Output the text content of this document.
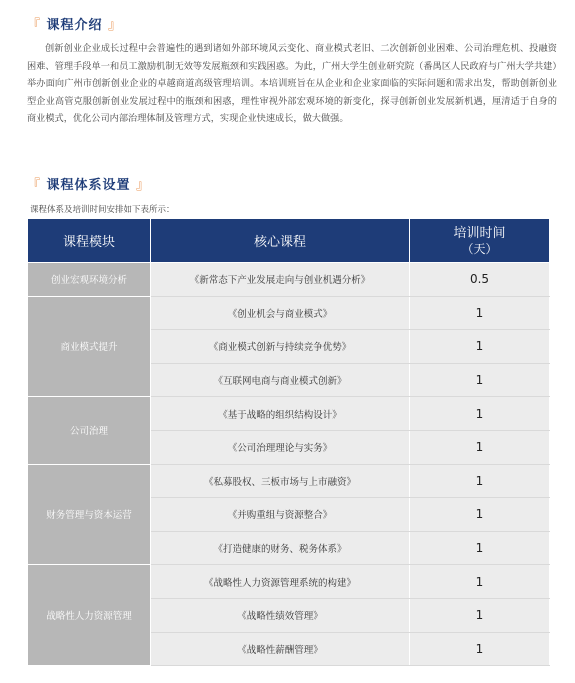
『 课程介绍 』
创新创业企业成长过程中会普遍性的遇到诸如外部环境风云变化、商业模式老旧、二次创新创业困难、公司治理危机、投融资困难、管理手段单一和员工激励机制无效等发展瓶颈和实践困惑。为此，广州大学生创业研究院（番禺区人民政府与广州大学共建）举办面向广州市创新创业企业的卓越商道高级管理培训。本培训班旨在从企业和企业家面临的实际问题和需求出发，帮助创新创业型企业高管克服创新创业发展过程中的瓶颈和困惑，理性审视外部宏观环境的新变化，探寻创新创业发展新机遇，厘清适于自身的商业模式，优化公司内部治理体制及管理方式，实现企业快速成长，做大做强。
『 课程体系设置 』
课程体系及培训时间安排如下表所示：
课程模块	核心课程	培训时间
（天）

创业宏观环境分析	《新常态下产业发展走向与创业机遇分析》	0.5
商业模式提升	《创业机会与商业模式》	1
	《商业模式创新与持续竞争优势》	1
	《互联网电商与商业模式创新》	1
公司治理	《基于战略的组织结构设计》	1
	《公司治理理论与实务》	1
财务管理与资本运营	《私募股权、三板市场与上市融资》	1
	《并购重组与资源整合》	1
	《打造健康的财务、税务体系》	1
战略性人力资源管理	《战略性人力资源管理系统的构建》	1
	《战略性绩效管理》	1
	《战略性薪酬管理》	1
